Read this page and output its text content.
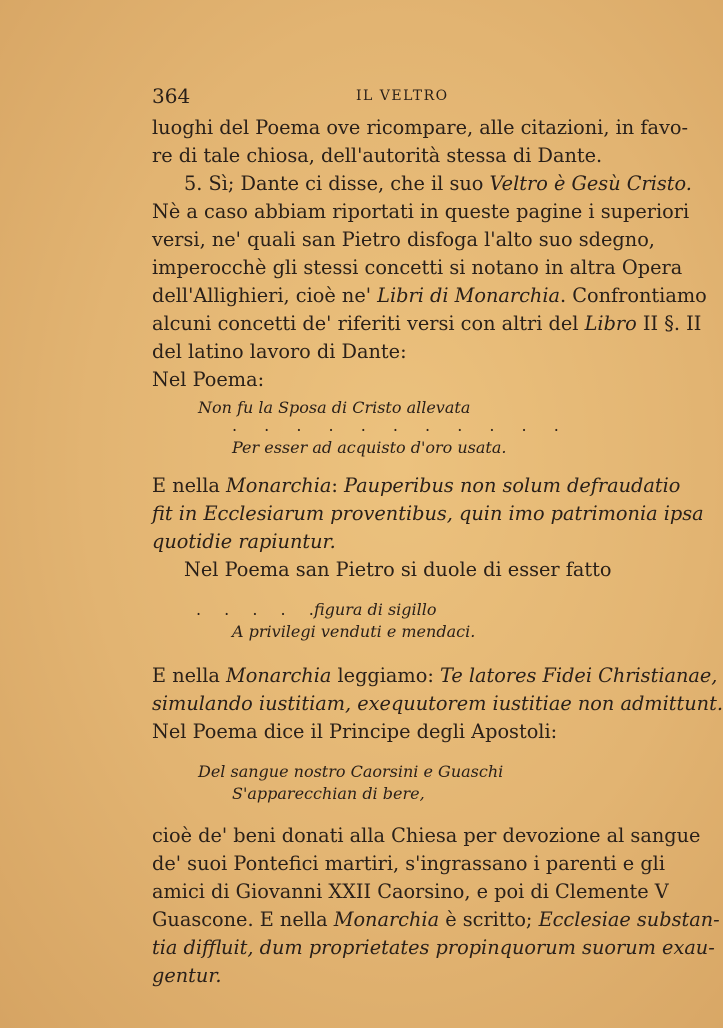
364	IL VELTRO
luoghi del Poema ove ricompare, alle citazioni, in favo-
re di tale chiosa, dell'autorità stessa di Dante.
5. Sì; Dante ci disse, che il suo Veltro è Gesù Cristo.
Nè a caso abbiam riportati in queste pagine i superiori
versi, ne' quali san Pietro disfoga l'alto suo sdegno,
imperocchè gli stessi concetti si notano in altra Opera
dell'Allighieri, cioè ne' Libri di Monarchia. Confrontiamo
alcuni concetti de' riferiti versi con altri del Libro II §. II
del latino lavoro di Dante:
Nel Poema:
Non fu la Sposa di Cristo allevata
. . . . . . . . . . .
Per esser ad acquisto d'oro usata.
E nella Monarchia: Pauperibus non solum defraudatio
fit in Ecclesiarum proventibus, quin imo patrimonia ipsa
quotidie rapiuntur.
Nel Poema san Pietro si duole di esser fatto
. . . . .
figura di sigillo
A privilegi venduti e mendaci.
E nella Monarchia leggiamo: Te latores Fidei Christianae,
simulando iustitiam, exequutorem iustitiae non admittunt.
Nel Poema dice il Principe degli Apostoli:
Del sangue nostro Caorsini e Guaschi
S'apparecchian di bere,
cioè de' beni donati alla Chiesa per devozione al sangue
de' suoi Pontefici martiri, s'ingrassano i parenti e gli
amici di Giovanni XXII Caorsino, e poi di Clemente V
Guascone. E nella Monarchia è scritto; Ecclesiae substan-
tia diffluit, dum proprietates propinquorum suorum exau-
gentur.
